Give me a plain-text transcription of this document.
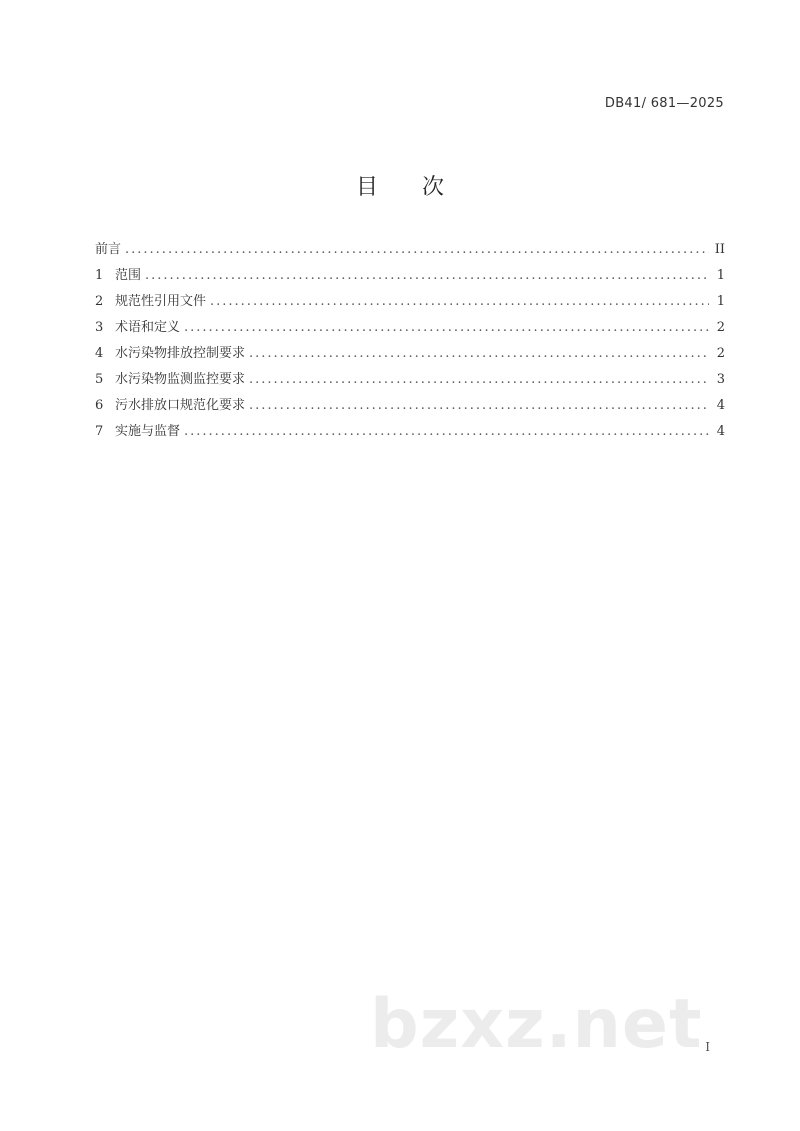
DB41/ 681—2025
目次
前言 .....	II
1 范围 .....	1
2 规范性引用文件 .....	1
3 术语和定义 .....	2
4 水污染物排放控制要求 .....	2
5 水污染物监测监控要求 .....	3
6 污水排放口规范化要求 .....	4
7 实施与监督 .....	4
bzxz.net I
